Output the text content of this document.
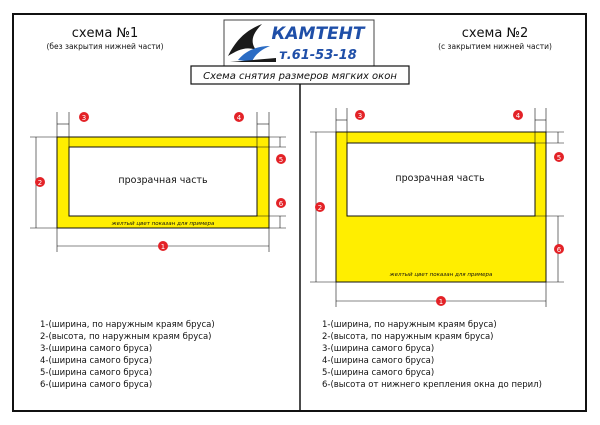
КАМТЕНТ
т.61-53-18
Схема снятия размеров мягких окон
схема №1
(без закрытия нижней части)
прозрачная часть
желтый цвет показан для примера
1
2
3	4
5
6
1-(ширина, по наружным краям бруса)
2-(высота, по наружным краям бруса)
3-(ширина самого бруса)
4-(ширина самого бруса)
5-(ширина самого бруса)
6-(ширина самого бруса)
схема №2
(с закрытием нижней части)
прозрачная часть
желтый цвет показан для примера
1
2
3	4
5
6
1-(ширина, по наружным краям бруса)
2-(высота, по наружным краям бруса)
3-(ширина самого бруса)
4-(ширина самого бруса)
5-(ширина самого бруса)
6-(высота от нижнего крепления окна до перил)
